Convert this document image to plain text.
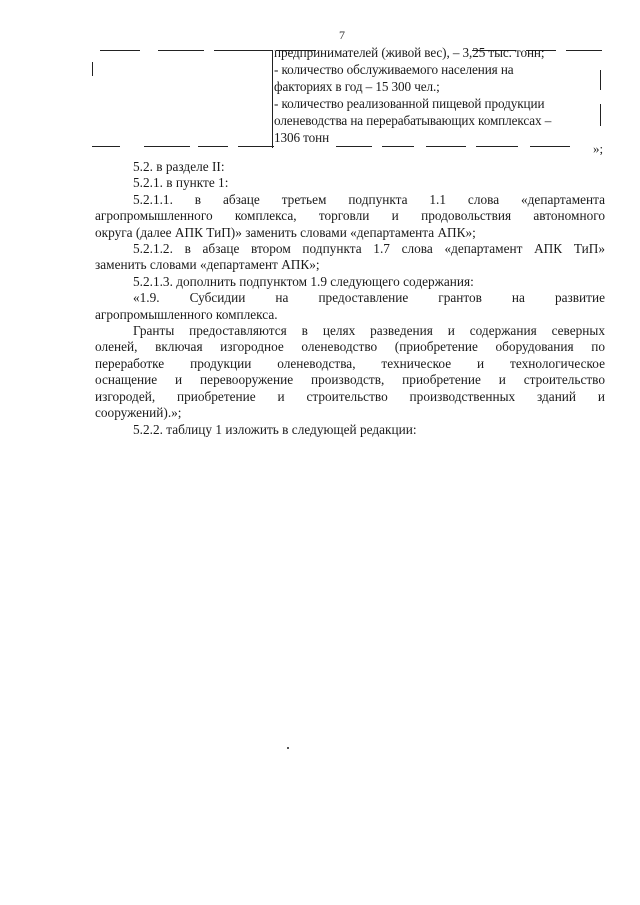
7
предпринимателей (живой вес), – 3,25 тыс. тонн;
- количество обслуживаемого населения на
факториях в год – 15 300 чел.;
- количество реализованной пищевой продукции
оленеводства на перерабатывающих комплексах –
1306 тонн
»;

5.2. в разделе II:

5.2.1. в пункте 1:

5.2.1.1. в абзаце третьем подпункта 1.1 слова «департамента

агропромышленного комплекса, торговли и продовольствия автономного

округа (далее АПК ТиП)» заменить словами «департамента АПК»;

5.2.1.2. в абзаце втором подпункта 1.7 слова «департамент АПК ТиП»

заменить словами «департамент АПК»;

5.2.1.3. дополнить подпунктом 1.9 следующего содержания:

«1.9. Субсидии на предоставление грантов на развитие

агропромышленного комплекса.

Гранты предоставляются в целях разведения и содержания северных

оленей, включая изгородное оленеводство (приобретение оборудования по

переработке продукции оленеводства, техническое и технологическое

оснащение и перевооружение производств, приобретение и строительство

изгородей, приобретение и строительство производственных зданий и

сооружений).»;

5.2.2. таблицу 1 изложить в следующей редакции:
